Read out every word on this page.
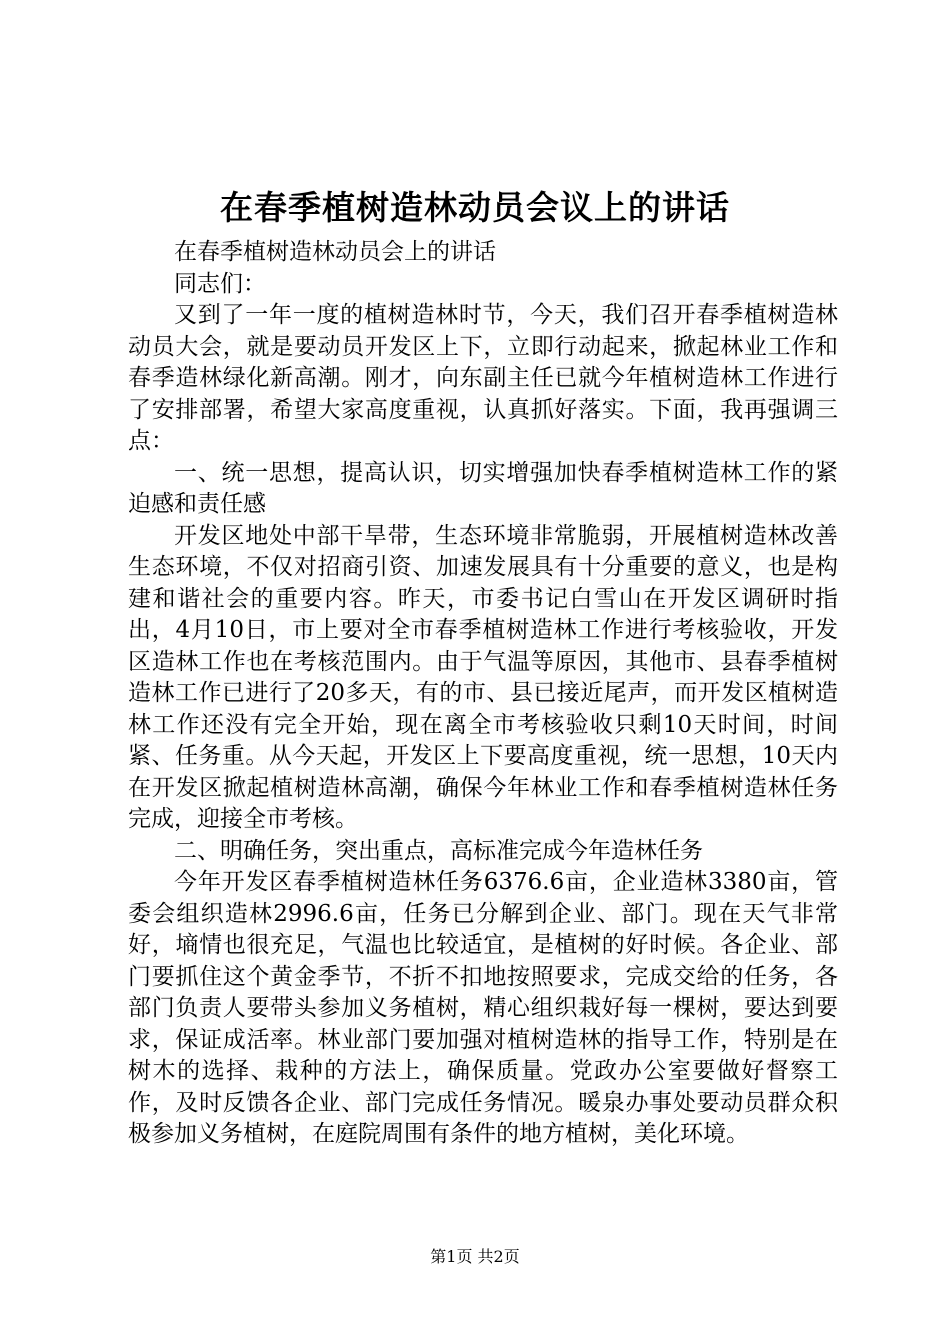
在春季植树造林动员会议上的讲话

在春季植树造林动员会上的讲话

同志们：

又到了一年一度的植树造林时节，今天，我们召开春季植树造林动员大会，就是要动员开发区上下，立即行动起来，掀起林业工作和春季造林绿化新高潮。刚才，向东副主任已就今年植树造林工作进行了安排部署，希望大家高度重视，认真抓好落实。下面，我再强调三点：

一、统一思想，提高认识，切实增强加快春季植树造林工作的紧迫感和责任感

开发区地处中部干旱带，生态环境非常脆弱，开展植树造林改善生态环境，不仅对招商引资、加速发展具有十分重要的意义，也是构建和谐社会的重要内容。昨天，市委书记白雪山在开发区调研时指出，4月10日，市上要对全市春季植树造林工作进行考核验收，开发区造林工作也在考核范围内。由于气温等原因，其他市、县春季植树造林工作已进行了20多天，有的市、县已接近尾声，而开发区植树造林工作还没有完全开始，现在离全市考核验收只剩10天时间，时间紧、任务重。从今天起，开发区上下要高度重视，统一思想，10天内在开发区掀起植树造林高潮，确保今年林业工作和春季植树造林任务完成，迎接全市考核。

二、明确任务，突出重点，高标准完成今年造林任务

今年开发区春季植树造林任务6376.6亩，企业造林3380亩，管委会组织造林2996.6亩，任务已分解到企业、部门。现在天气非常好，墒情也很充足，气温也比较适宜，是植树的好时候。各企业、部门要抓住这个黄金季节，不折不扣地按照要求，完成交给的任务，各部门负责人要带头参加义务植树，精心组织栽好每一棵树，要达到要求，保证成活率。林业部门要加强对植树造林的指导工作，特别是在树木的选择、栽种的方法上，确保质量。党政办公室要做好督察工作，及时反馈各企业、部门完成任务情况。暖泉办事处要动员群众积极参加义务植树，在庭院周围有条件的地方植树，美化环境。

第1页 共2页
